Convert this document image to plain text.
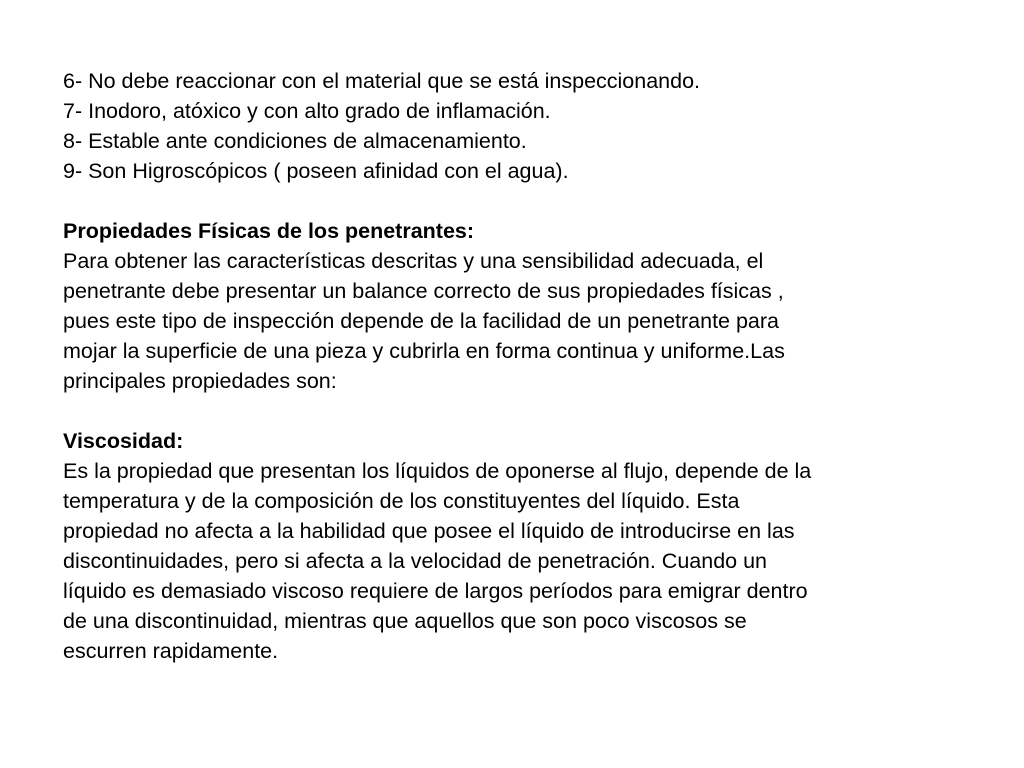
6- No debe reaccionar con el material que se está inspeccionando.
7- Inodoro, atóxico y con alto grado de inflamación.
8- Estable ante condiciones de almacenamiento.
9- Son Higroscópicos ( poseen afinidad con el agua).
Propiedades Físicas de los penetrantes:
Para obtener las características descritas y una sensibilidad adecuada, el
penetrante debe presentar un balance correcto de sus propiedades físicas ,
pues este tipo de inspección depende de la facilidad de un penetrante para
mojar la superficie de una pieza y cubrirla en forma continua y uniforme.Las
principales propiedades son:
Viscosidad:
Es la propiedad que presentan los líquidos de oponerse al flujo, depende de la
temperatura y de la composición de los constituyentes del líquido. Esta
propiedad no afecta a la habilidad que posee el líquido de introducirse en las
discontinuidades, pero si afecta a la velocidad de penetración. Cuando un
líquido es demasiado viscoso requiere de largos períodos para emigrar dentro
de una discontinuidad, mientras que aquellos que son poco viscosos se
escurren rapidamente.
